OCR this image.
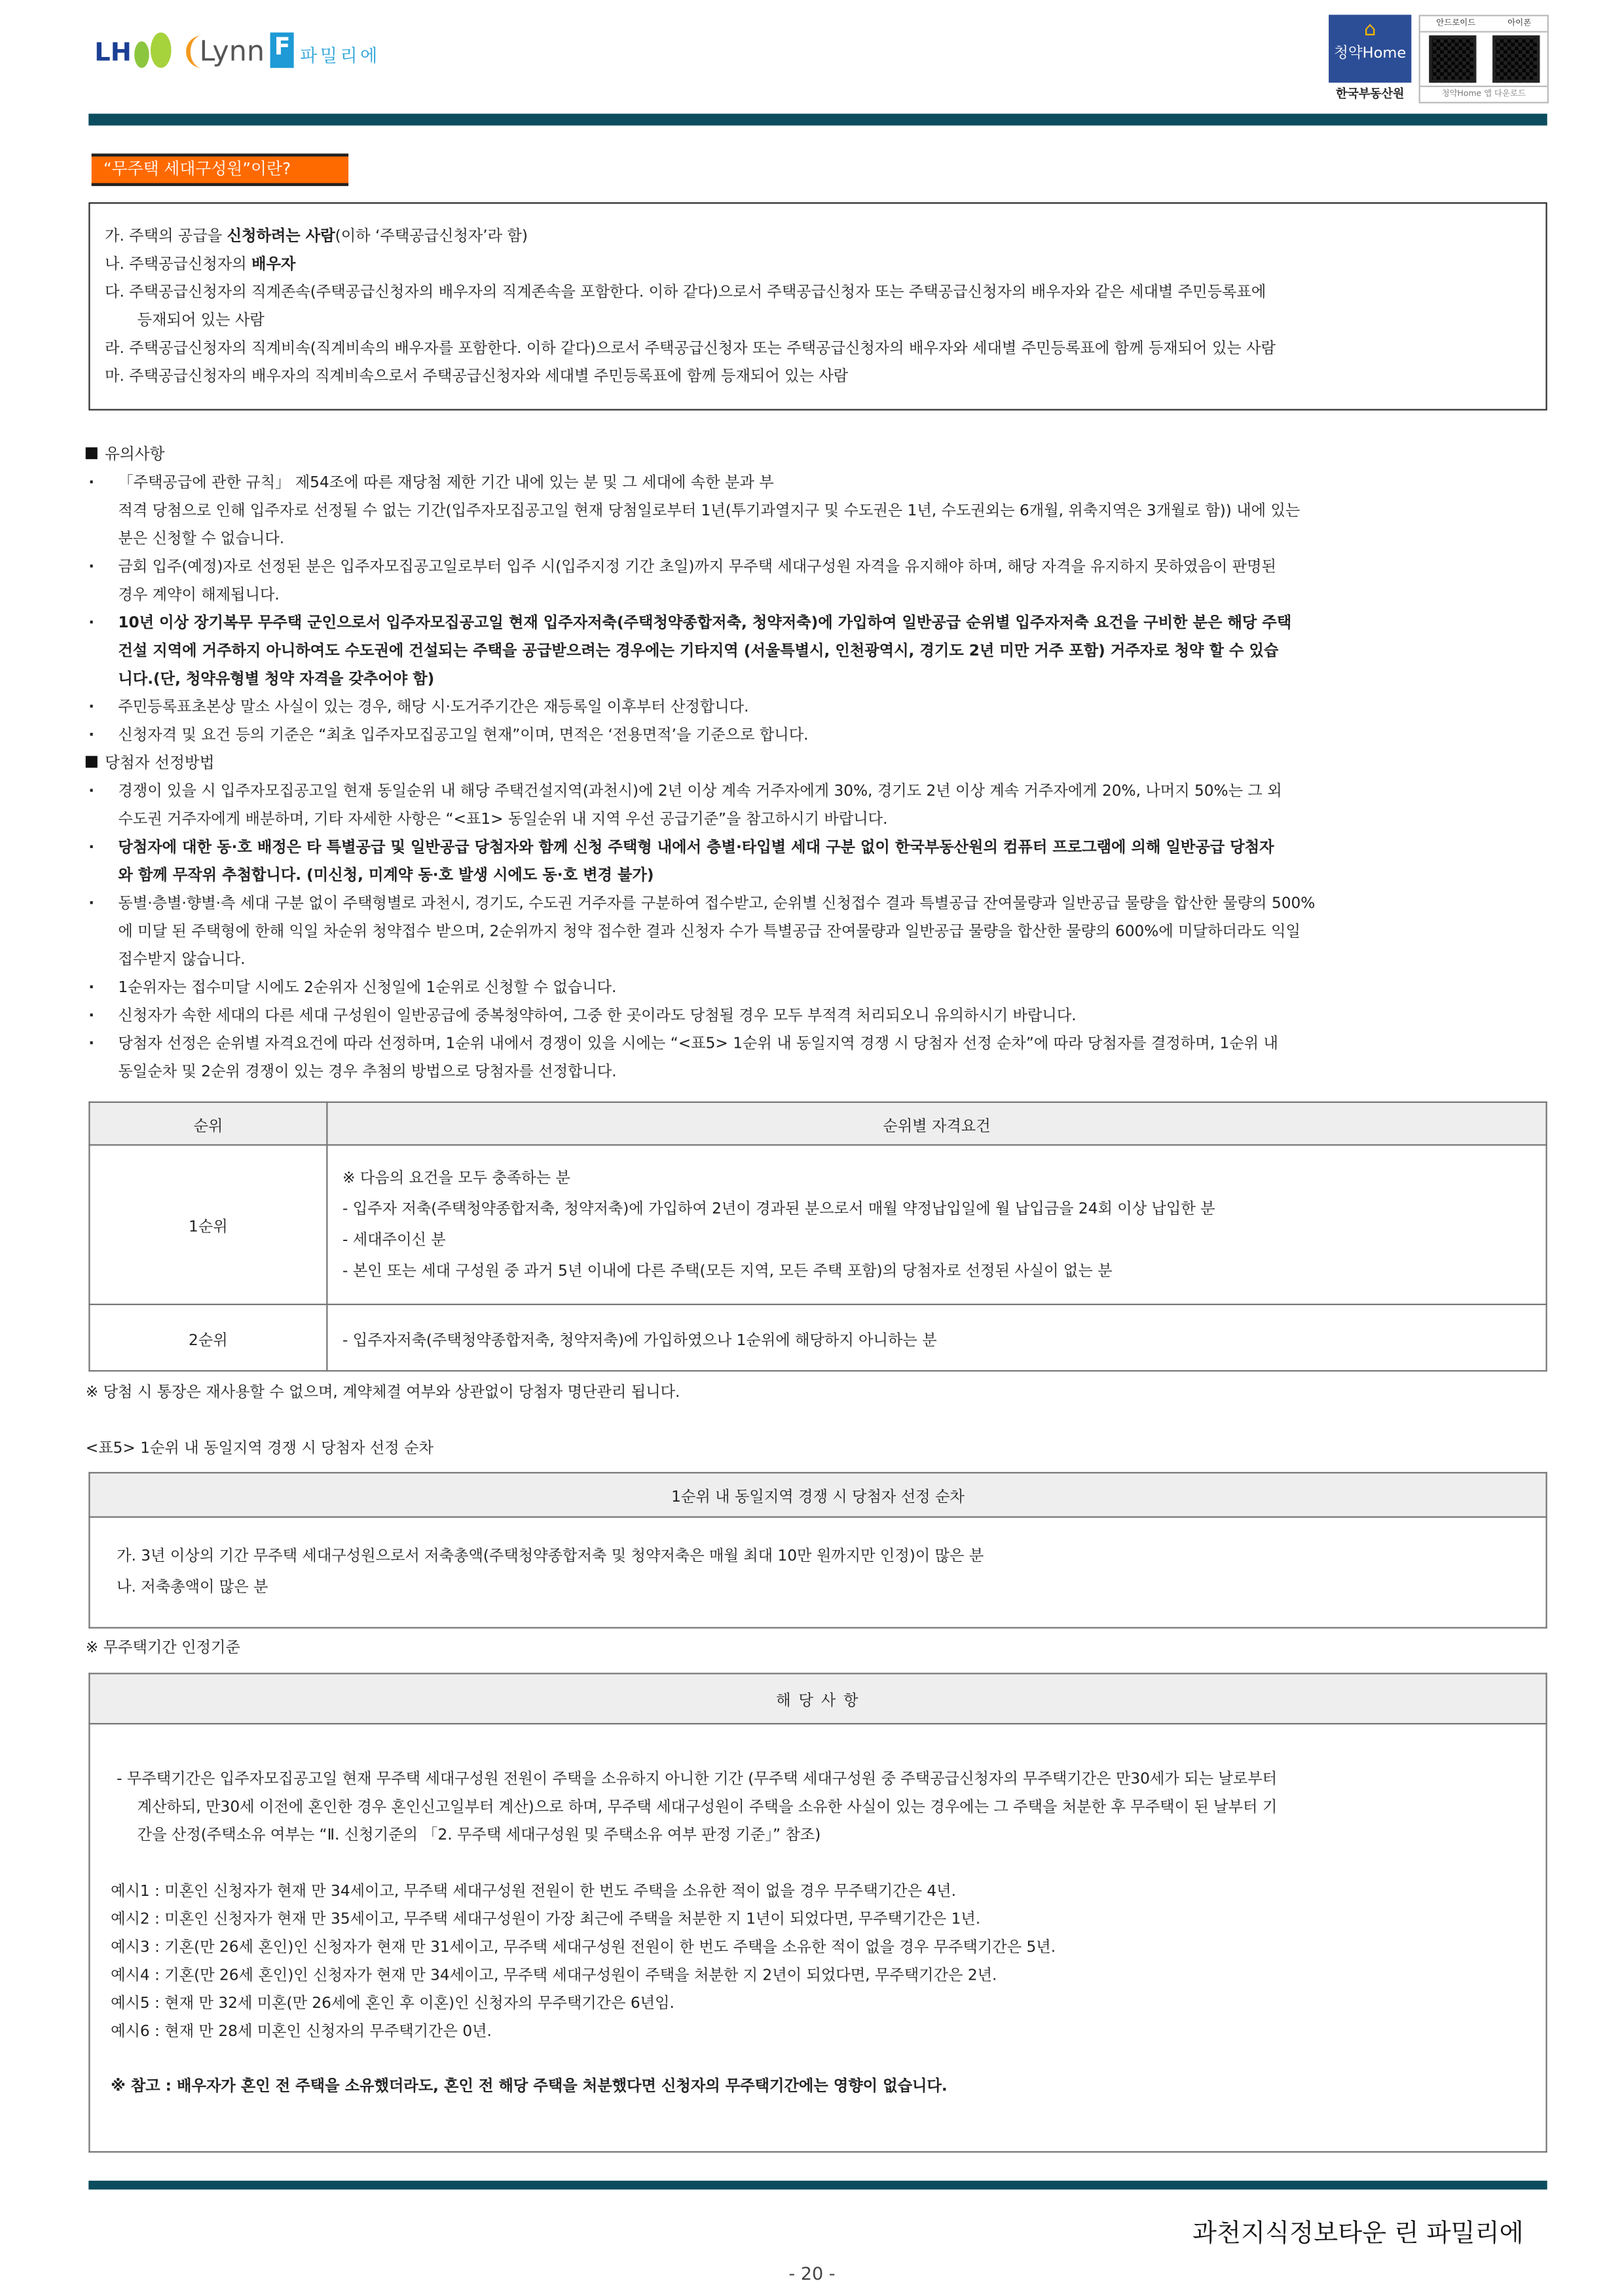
LH	Lynn F	파밀리에
⌂
청약Home
한국부동산원
안드로이드	아이폰
청약Home 앱 다운로드
“무주택 세대구성원”이란?

가. 주택의 공급을 신청하려는 사람(이하 ‘주택공급신청자’라 함)

나. 주택공급신청자의 배우자

다. 주택공급신청자의 직계존속(주택공급신청자의 배우자의 직계존속을 포함한다. 이하 같다)으로서 주택공급신청자 또는 주택공급신청자의 배우자와 같은 세대별 주민등록표에

등재되어 있는 사람

라. 주택공급신청자의 직계비속(직계비속의 배우자를 포함한다. 이하 같다)으로서 주택공급신청자 또는 주택공급신청자의 배우자와 세대별 주민등록표에 함께 등재되어 있는 사람

마. 주택공급신청자의 배우자의 직계비속으로서 주택공급신청자와 세대별 주민등록표에 함께 등재되어 있는 사람

유의사항

· 「주택공급에 관한 규칙」 제54조에 따른 재당첨 제한 기간 내에 있는 분 및 그 세대에 속한 분과 부

적격 당첨으로 인해 입주자로 선정될 수 없는 기간(입주자모집공고일 현재 당첨일로부터 1년(투기과열지구 및 수도권은 1년, 수도권외는 6개월, 위축지역은 3개월로 함)) 내에 있는

분은 신청할 수 없습니다.

· 금회 입주(예정)자로 선정된 분은 입주자모집공고일로부터 입주 시(입주지정 기간 초일)까지 무주택 세대구성원 자격을 유지해야 하며, 해당 자격을 유지하지 못하였음이 판명된

경우 계약이 해제됩니다.

· 10년 이상 장기복무 무주택 군인으로서 입주자모집공고일 현재 입주자저축(주택청약종합저축, 청약저축)에 가입하여 일반공급 순위별 입주자저축 요건을 구비한 분은 해당 주택

건설 지역에 거주하지 아니하여도 수도권에 건설되는 주택을 공급받으려는 경우에는 기타지역 (서울특별시, 인천광역시, 경기도 2년 미만 거주 포함) 거주자로 청약 할 수 있습

니다.(단, 청약유형별 청약 자격을 갖추어야 함)

· 주민등록표초본상 말소 사실이 있는 경우, 해당 시·도거주기간은 재등록일 이후부터 산정합니다.

· 신청자격 및 요건 등의 기준은 “최초 입주자모집공고일 현재”이며, 면적은 ‘전용면적’을 기준으로 합니다.

당첨자 선정방법

· 경쟁이 있을 시 입주자모집공고일 현재 동일순위 내 해당 주택건설지역(과천시)에 2년 이상 계속 거주자에게 30%, 경기도 2년 이상 계속 거주자에게 20%, 나머지 50%는 그 외

수도권 거주자에게 배분하며, 기타 자세한 사항은 “<표1> 동일순위 내 지역 우선 공급기준”을 참고하시기 바랍니다.

· 당첨자에 대한 동·호 배정은 타 특별공급 및 일반공급 당첨자와 함께 신청 주택형 내에서 층별·타입별 세대 구분 없이 한국부동산원의 컴퓨터 프로그램에 의해 일반공급 당첨자

와 함께 무작위 추첨합니다. (미신청, 미계약 동·호 발생 시에도 동·호 변경 불가)

· 동별·층별·향별·측 세대 구분 없이 주택형별로 과천시, 경기도, 수도권 거주자를 구분하여 접수받고, 순위별 신청접수 결과 특별공급 잔여물량과 일반공급 물량을 합산한 물량의 500%

에 미달 된 주택형에 한해 익일 차순위 청약접수 받으며, 2순위까지 청약 접수한 결과 신청자 수가 특별공급 잔여물량과 일반공급 물량을 합산한 물량의 600%에 미달하더라도 익일

접수받지 않습니다.

· 1순위자는 접수미달 시에도 2순위자 신청일에 1순위로 신청할 수 없습니다.

· 신청자가 속한 세대의 다른 세대 구성원이 일반공급에 중복청약하여, 그중 한 곳이라도 당첨될 경우 모두 부적격 처리되오니 유의하시기 바랍니다.

· 당첨자 선정은 순위별 자격요건에 따라 선정하며, 1순위 내에서 경쟁이 있을 시에는 “<표5> 1순위 내 동일지역 경쟁 시 당첨자 선정 순차”에 따라 당첨자를 결정하며, 1순위 내

동일순차 및 2순위 경쟁이 있는 경우 추첨의 방법으로 당첨자를 선정합니다.

순위	순위별 자격요건
1순위	※ 다음의 요건을 모두 충족하는 분

- 입주자 저축(주택청약종합저축, 청약저축)에 가입하여 2년이 경과된 분으로서 매월 약정납입일에 월 납입금을 24회 이상 납입한 분

- 세대주이신 분

- 본인 또는 세대 구성원 중 과거 5년 이내에 다른 주택(모든 지역, 모든 주택 포함)의 당첨자로 선정된 사실이 없는 분

2순위	- 입주자저축(주택청약종합저축, 청약저축)에 가입하였으나 1순위에 해당하지 아니하는 분
※ 당첨 시 통장은 재사용할 수 없으며, 계약체결 여부와 상관없이 당첨자 명단관리 됩니다.
<표5> 1순위 내 동일지역 경쟁 시 당첨자 선정 순차
1순위 내 동일지역 경쟁 시 당첨자 선정 순차

가. 3년 이상의 기간 무주택 세대구성원으로서 저축총액(주택청약종합저축 및 청약저축은 매월 최대 10만 원까지만 인정)이 많은 분

나. 저축총액이 많은 분

※ 무주택기간 인정기준
해 당 사 항

- 무주택기간은 입주자모집공고일 현재 무주택 세대구성원 전원이 주택을 소유하지 아니한 기간 (무주택 세대구성원 중 주택공급신청자의 무주택기간은 만30세가 되는 날로부터
계산하되, 만30세 이전에 혼인한 경우 혼인신고일부터 계산)으로 하며, 무주택 세대구성원이 주택을 소유한 사실이 있는 경우에는 그 주택을 처분한 후 무주택이 된 날부터 기
간을 산정(주택소유 여부는 “Ⅱ. 신청기준의 「2. 무주택 세대구성원 및 주택소유 여부 판정 기준」” 참조)
예시1 : 미혼인 신청자가 현재 만 34세이고, 무주택 세대구성원 전원이 한 번도 주택을 소유한 적이 없을 경우 무주택기간은 4년.
예시2 : 미혼인 신청자가 현재 만 35세이고, 무주택 세대구성원이 가장 최근에 주택을 처분한 지 1년이 되었다면, 무주택기간은 1년.
예시3 : 기혼(만 26세 혼인)인 신청자가 현재 만 31세이고, 무주택 세대구성원 전원이 한 번도 주택을 소유한 적이 없을 경우 무주택기간은 5년.
예시4 : 기혼(만 26세 혼인)인 신청자가 현재 만 34세이고, 무주택 세대구성원이 주택을 처분한 지 2년이 되었다면, 무주택기간은 2년.
예시5 : 현재 만 32세 미혼(만 26세에 혼인 후 이혼)인 신청자의 무주택기간은 6년임.
예시6 : 현재 만 28세 미혼인 신청자의 무주택기간은 0년.
※ 참고 : 배우자가 혼인 전 주택을 소유했더라도, 혼인 전 해당 주택을 처분했다면 신청자의 무주택기간에는 영향이 없습니다.
과천지식정보타운 린 파밀리에
- 20 -
